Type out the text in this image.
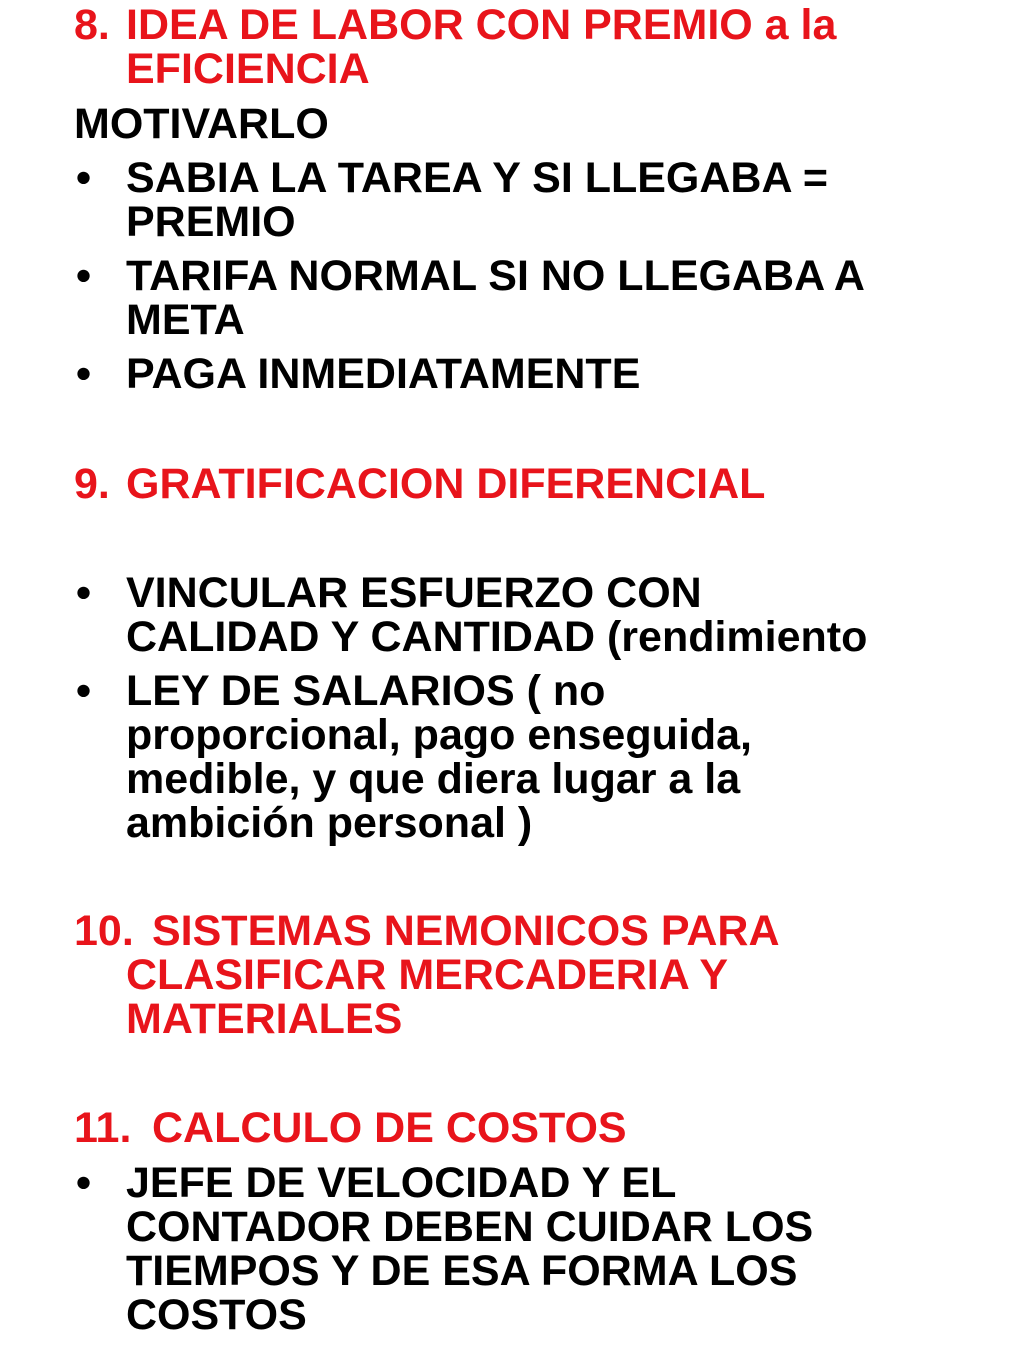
8. IDEA DE LABOR CON PREMIO a la
EFICIENCIA
MOTIVARLO
• SABIA LA TAREA Y SI LLEGABA =
PREMIO
• TARIFA NORMAL SI NO LLEGABA A
META
• PAGA INMEDIATAMENTE
9. GRATIFICACION DIFERENCIAL
• VINCULAR ESFUERZO CON
CALIDAD Y CANTIDAD (rendimiento
• LEY DE SALARIOS ( no
proporcional, pago enseguida,
medible, y que diera lugar a la
ambición personal )
10. SISTEMAS NEMONICOS PARA
CLASIFICAR MERCADERIA Y
MATERIALES
11. CALCULO DE COSTOS
• JEFE DE VELOCIDAD Y EL
CONTADOR DEBEN CUIDAR LOS
TIEMPOS Y DE ESA FORMA LOS
COSTOS
